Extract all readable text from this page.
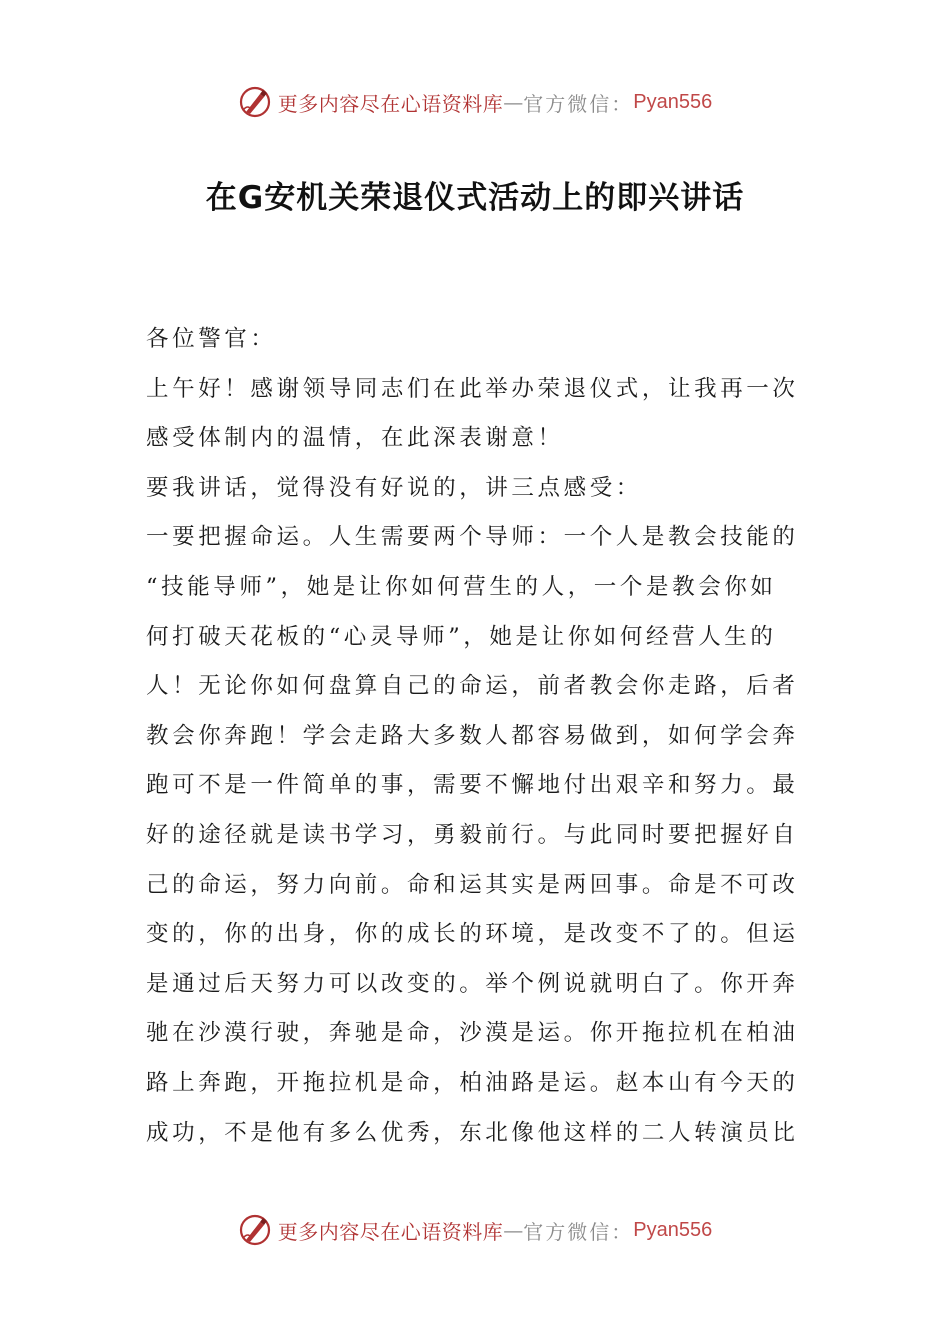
更多内容尽在心语资料库 — 官方微信： Pyan556
在G安机关荣退仪式活动上的即兴讲话
各位警官：
上午好！感谢领导同志们在此举办荣退仪式，让我再一次
感受体制内的温情，在此深表谢意！
要我讲话，觉得没有好说的，讲三点感受：
一要把握命运。人生需要两个导师：一个人是教会技能的
“技能导师”，她是让你如何营生的人，一个是教会你如
何打破天花板的“心灵导师”，她是让你如何经营人生的
人！无论你如何盘算自己的命运，前者教会你走路，后者
教会你奔跑！学会走路大多数人都容易做到，如何学会奔
跑可不是一件简单的事，需要不懈地付出艰辛和努力。最
好的途径就是读书学习，勇毅前行。与此同时要把握好自
己的命运，努力向前。命和运其实是两回事。命是不可改
变的，你的出身，你的成长的环境，是改变不了的。但运
是通过后天努力可以改变的。举个例说就明白了。你开奔
驰在沙漠行驶，奔驰是命，沙漠是运。你开拖拉机在柏油
路上奔跑，开拖拉机是命，柏油路是运。赵本山有今天的
成功，不是他有多么优秀，东北像他这样的二人转演员比
更多内容尽在心语资料库 — 官方微信： Pyan556
